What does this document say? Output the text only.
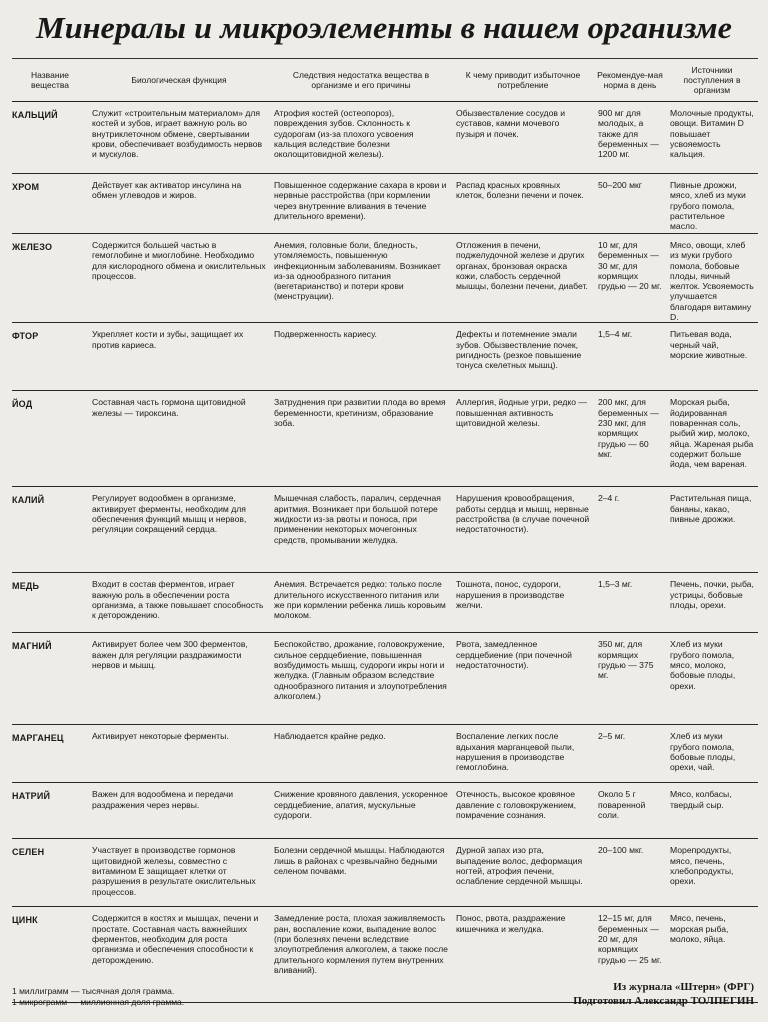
Минералы и микроэлементы в нашем организме
Название вещества	Биологическая функция	Следствия недостатка вещества в организме и его причины	К чему приводит избыточное потребление	Рекомендуе-мая норма в день	Источники поступления в организм
КАЛЬЦИЙ	Служит «строительным материалом» для костей и зубов, играет важную роль во внутриклеточном обмене, свертывании крови, обеспечивает возбудимость нервов и мускулов.	Атрофия костей (остеопороз), повреждения зубов. Склонность к судорогам (из-за плохого усвоения кальция вследствие болезни околощитовидной железы).	Обызвествление сосудов и суставов, камни мочевого пузыря и почек.	900 мг для молодых, а также для беременных — 1200 мг.	Молочные продукты, овощи. Витамин D повышает усвояемость кальция.
ХРОМ	Действует как активатор инсулина на обмен углеводов и жиров.	Повышенное содержание сахара в крови и нервные расстройства (при кормлении через внутренние вливания в течение длительного времени).	Распад красных кровяных клеток, болезни печени и почек.	50–200 мкг	Пивные дрожжи, мясо, хлеб из муки грубого помола, растительное масло.
ЖЕЛЕЗО	Содержится большей частью в гемоглобине и миоглобине. Необходимо для кислородного обмена и окислительных процессов.	Анемия, головные боли, бледность, утомляемость, повышенную инфекционным заболеваниям. Возникает из-за однообразного питания (вегетарианство) и потери крови (менструации).	Отложения в печени, поджелудочной железе и других органах, бронзовая окраска кожи, слабость сердечной мышцы, болезни печени, диабет.	10 мг, для беременных — 30 мг, для кормящих грудью — 20 мг.	Мясо, овощи, хлеб из муки грубого помола, бобовые плоды, яичный желток. Усвояемость улучшается благодаря витамину D.
ФТОР	Укрепляет кости и зубы, защищает их против кариеса.	Подверженность кариесу.	Дефекты и потемнение эмали зубов. Обызвествление почек, ригидность (резкое повышение тонуса скелетных мышц).	1,5–4 мг.	Питьевая вода, черный чай, морские животные.
ЙОД	Составная часть гормона щитовидной железы — тироксина.	Затруднения при развитии плода во время беременности, кретинизм, образование зоба.	Аллергия, йодные угри, редко — повышенная активность щитовидной железы.	200 мкг, для беременных — 230 мкг, для кормящих грудью — 60 мкг.	Морская рыба, йодированная поваренная соль, рыбий жир, молоко, яйца. Жареная рыба содержит больше йода, чем вареная.
КАЛИЙ	Регулирует водообмен в организме, активирует ферменты, необходим для обеспечения функций мышц и нервов, регуляции сокращений сердца.	Мышечная слабость, паралич, сердечная аритмия. Возникает при большой потере жидкости из-за рвоты и поноса, при применении некоторых мочегонных средств, промывании желудка.	Нарушения кровообращения, работы сердца и мышц, нервные расстройства (в случае почечной недостаточности).	2–4 г.	Растительная пища, бананы, какао, пивные дрожжи.
МЕДЬ	Входит в состав ферментов, играет важную роль в обеспечении роста организма, а также повышает способность к деторождению.	Анемия. Встречается редко: только после длительного искусственного питания или же при кормлении ребенка лишь коровьим молоком.	Тошнота, понос, судороги, нарушения в производстве желчи.	1,5–3 мг.	Печень, почки, рыба, устрицы, бобовые плоды, орехи.
МАГНИЙ	Активирует более чем 300 ферментов, важен для регуляции раздражимости нервов и мышц.	Беспокойство, дрожание, головокружение, сильное сердцебиение, повышенная возбудимость мышц, судороги икры ноги и желудка. (Главным образом вследствие однообразного питания и злоупотребления алкоголем.)	Рвота, замедленное сердцебиение (при почечной недостаточности).	350 мг, для кормящих грудью — 375 мг.	Хлеб из муки грубого помола, мясо, молоко, бобовые плоды, орехи.
МАРГАНЕЦ	Активирует некоторые ферменты.	Наблюдается крайне редко.	Воспаление легких после вдыхания марганцевой пыли, нарушения в производстве гемоглобина.	2–5 мг.	Хлеб из муки грубого помола, бобовые плоды, орехи, чай.
НАТРИЙ	Важен для водообмена и передачи раздражения через нервы.	Снижение кровяного давления, ускоренное сердцебиение, апатия, мускульные судороги.	Отечность, высокое кровяное давление с головокружением, помрачение сознания.	Около 5 г поваренной соли.	Мясо, колбасы, твердый сыр.
СЕЛЕН	Участвует в производстве гормонов щитовидной железы, совместно с витамином Е защищает клетки от разрушения в результате окислительных процессов.	Болезни сердечной мышцы. Наблюдаются лишь в районах с чрезвычайно бедными селеном почвами.	Дурной запах изо рта, выпадение волос, деформация ногтей, атрофия печени, ослабление сердечной мышцы.	20–100 мкг.	Морепродукты, мясо, печень, хлебопродукты, орехи.
ЦИНК	Содержится в костях и мышцах, печени и простате. Составная часть важнейших ферментов, необходим для роста организма и обеспечения способности к деторождению.	Замедление роста, плохая заживляемость ран, воспаление кожи, выпадение волос (при болезнях печени вследствие злоупотребления алкоголем, а также после длительного кормления путем внутренних вливаний).	Понос, рвота, раздражение кишечника и желудка.	12–15 мг, для беременных — 20 мг, для кормящих грудью — 25 мг.	Мясо, печень, морская рыба, молоко, яйца.
1 миллиграмм — тысячная доля грамма.
1 микрограмм — миллионная доля грамма.
Из журнала «Штерн» (ФРГ)
Подготовил Александр ТОЛПЕГИН
